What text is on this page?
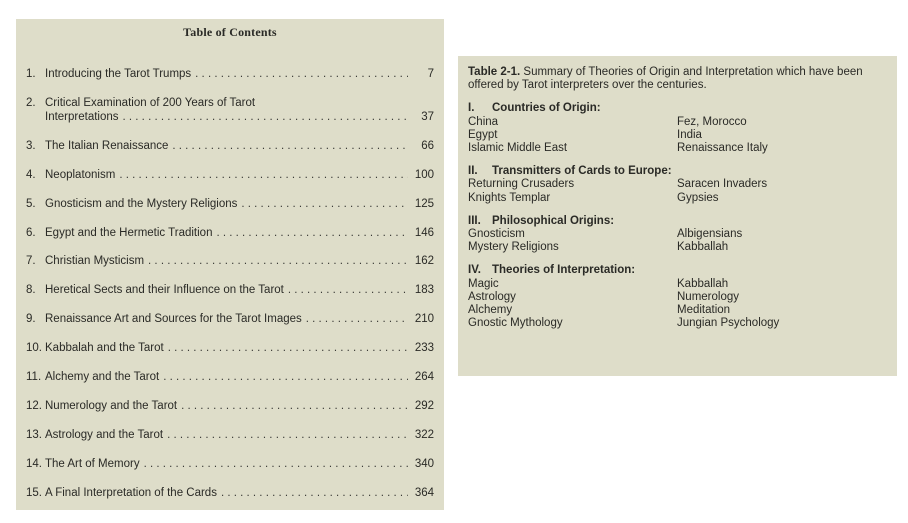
Table of Contents
1. Introducing the Tarot Trumps . . .	7
2. Critical Examination of 200 Years of Tarot
Interpretations . . .	37
3. The Italian Renaissance . . .	66
4. Neoplatonism . . .	100
5. Gnosticism and the Mystery Religions . . .	125
6. Egypt and the Hermetic Tradition . . .	146
7. Christian Mysticism . . .	162
8. Heretical Sects and their Influence on the Tarot . . .	183
9. Renaissance Art and Sources for the Tarot Images . . .	210
10. Kabbalah and the Tarot . . .	233
11. Alchemy and the Tarot . . .	264
12. Numerology and the Tarot . . .	292
13. Astrology and the Tarot . . .	322
14. The Art of Memory . . .	340
15. A Final Interpretation of the Cards . . .	364
Table 2-1. Summary of Theories of Origin and Interpretation which have been offered by Tarot interpreters over the centuries.
I. Countries of Origin:
China	Fez, Morocco
Egypt	India
Islamic Middle East	Renaissance Italy
II. Transmitters of Cards to Europe:
Returning Crusaders	Saracen Invaders
Knights Templar	Gypsies
III. Philosophical Origins:
Gnosticism	Albigensians
Mystery Religions	Kabballah
IV. Theories of Interpretation:
Magic	Kabballah
Astrology	Numerology
Alchemy	Meditation
Gnostic Mythology	Jungian Psychology
